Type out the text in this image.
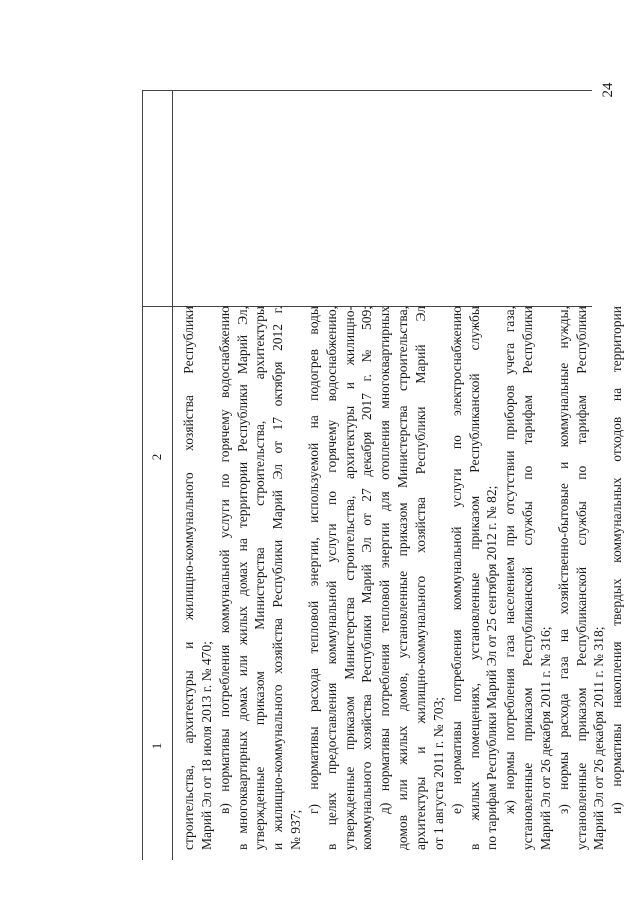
24
2
1	строительства, архитектуры и жилищно-коммунального хозяйства Республики Марий Эл от 18 июля 2013 г. № 470; в) нормативы потребления коммунальной услуги по горячему водоснабжению в многоквартирных домах или жилых домах на территории Республики Марий Эл, утвержденные приказом Министерства строительства, архитектуры и жилищно-коммунального хозяйства Республики Марий Эл от 17 октября 2012 г. № 937;
г) нормативы расхода тепловой энергии, используемой на подогрев воды в целях предоставления коммунальной услуги по горячему водоснабжению, утвержденные приказом Министерства строительства, архитектуры и жилищно- коммунального хозяйства Республики Марий Эл от 27 декабря 2017 г. № 509; д) нормативы потребления тепловой энергии для отопления многоквартирных домов или жилых домов, установленные приказом Министерства строительства, архитектуры и жилищно-коммунального хозяйства Республики Марий Эл от 1 августа 2011 г. № 703; е) нормативы потребления коммунальной услуги по электроснабжению в жилых помещениях, установленные приказом Республиканской службы по тарифам Республики Марий Эл от 25 сентября 2012 г. № 82; ж) нормы потребления газа населением при отсутствии приборов учета газа, установленные приказом Республиканской службы по тарифам Республики Марий Эл от 26 декабря 2011 г. № 316; з) нормы расхода газа на хозяйственно-бытовые и коммунальные нужды, установленные приказом Республиканской службы по тарифам Республики Марий Эл от 26 декабря 2011 г. № 318; и) нормативы накопления твердых коммунальных отходов на территории
